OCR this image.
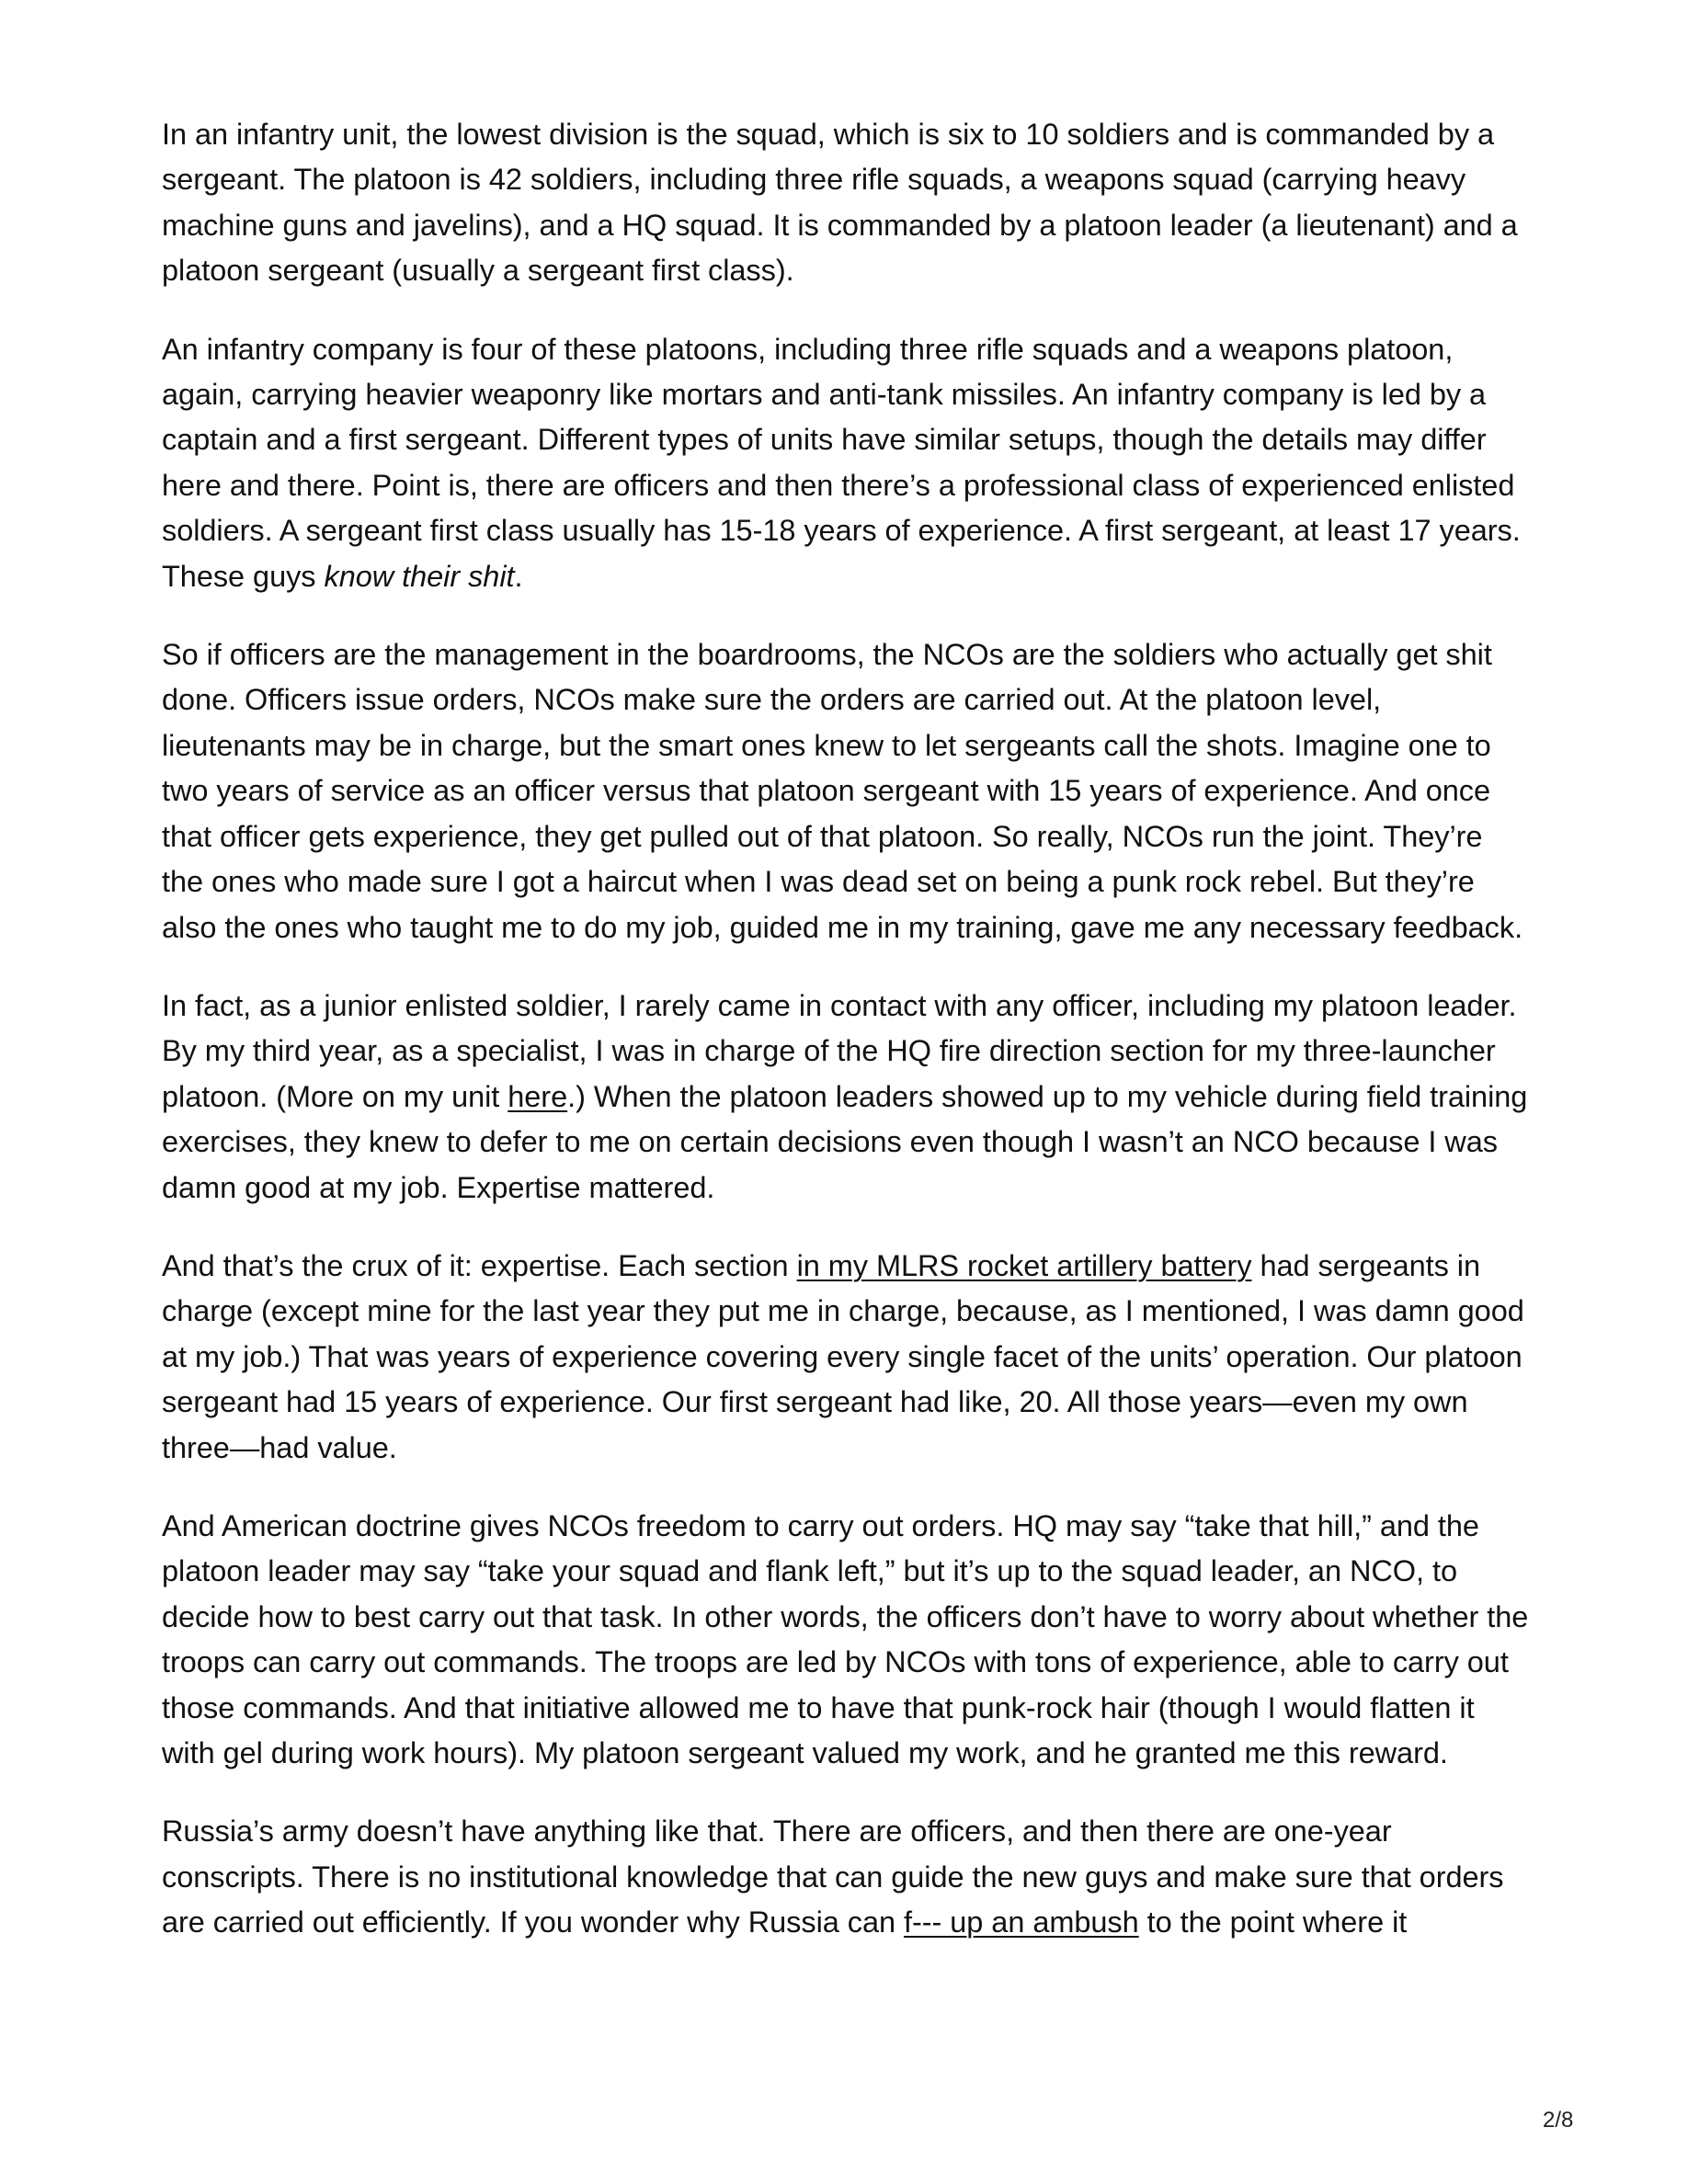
In an infantry unit, the lowest division is the squad, which is six to 10 soldiers and is commanded by a sergeant. The platoon is 42 soldiers, including three rifle squads, a weapons squad (carrying heavy machine guns and javelins), and a HQ squad. It is commanded by a platoon leader (a lieutenant) and a platoon sergeant (usually a sergeant first class).

An infantry company is four of these platoons, including three rifle squads and a weapons platoon, again, carrying heavier weaponry like mortars and anti-tank missiles. An infantry company is led by a captain and a first sergeant. Different types of units have similar setups, though the details may differ here and there. Point is, there are officers and then there’s a professional class of experienced enlisted soldiers. A sergeant first class usually has 15-18 years of experience. A first sergeant, at least 17 years. These guys know their shit.

So if officers are the management in the boardrooms, the NCOs are the soldiers who actually get shit done. Officers issue orders, NCOs make sure the orders are carried out. At the platoon level, lieutenants may be in charge, but the smart ones knew to let sergeants call the shots. Imagine one to two years of service as an officer versus that platoon sergeant with 15 years of experience. And once that officer gets experience, they get pulled out of that platoon. So really, NCOs run the joint. They’re the ones who made sure I got a haircut when I was dead set on being a punk rock rebel. But they’re also the ones who taught me to do my job, guided me in my training, gave me any necessary feedback.

In fact, as a junior enlisted soldier, I rarely came in contact with any officer, including my platoon leader. By my third year, as a specialist, I was in charge of the HQ fire direction section for my three-launcher platoon. (More on my unit here.) When the platoon leaders showed up to my vehicle during field training exercises, they knew to defer to me on certain decisions even though I wasn’t an NCO because I was damn good at my job. Expertise mattered.

And that’s the crux of it: expertise. Each section in my MLRS rocket artillery battery had sergeants in charge (except mine for the last year they put me in charge, because, as I mentioned, I was damn good at my job.) That was years of experience covering every single facet of the units’ operation. Our platoon sergeant had 15 years of experience. Our first sergeant had like, 20. All those years—even my own three—had value.

And American doctrine gives NCOs freedom to carry out orders. HQ may say “take that hill,” and the platoon leader may say “take your squad and flank left,” but it’s up to the squad leader, an NCO, to decide how to best carry out that task. In other words, the officers don’t have to worry about whether the troops can carry out commands. The troops are led by NCOs with tons of experience, able to carry out those commands. And that initiative allowed me to have that punk-rock hair (though I would flatten it with gel during work hours). My platoon sergeant valued my work, and he granted me this reward.

Russia’s army doesn’t have anything like that. There are officers, and then there are one-year conscripts. There is no institutional knowledge that can guide the new guys and make sure that orders are carried out efficiently. If you wonder why Russia can f--- up an ambush to the point where it

2/8
